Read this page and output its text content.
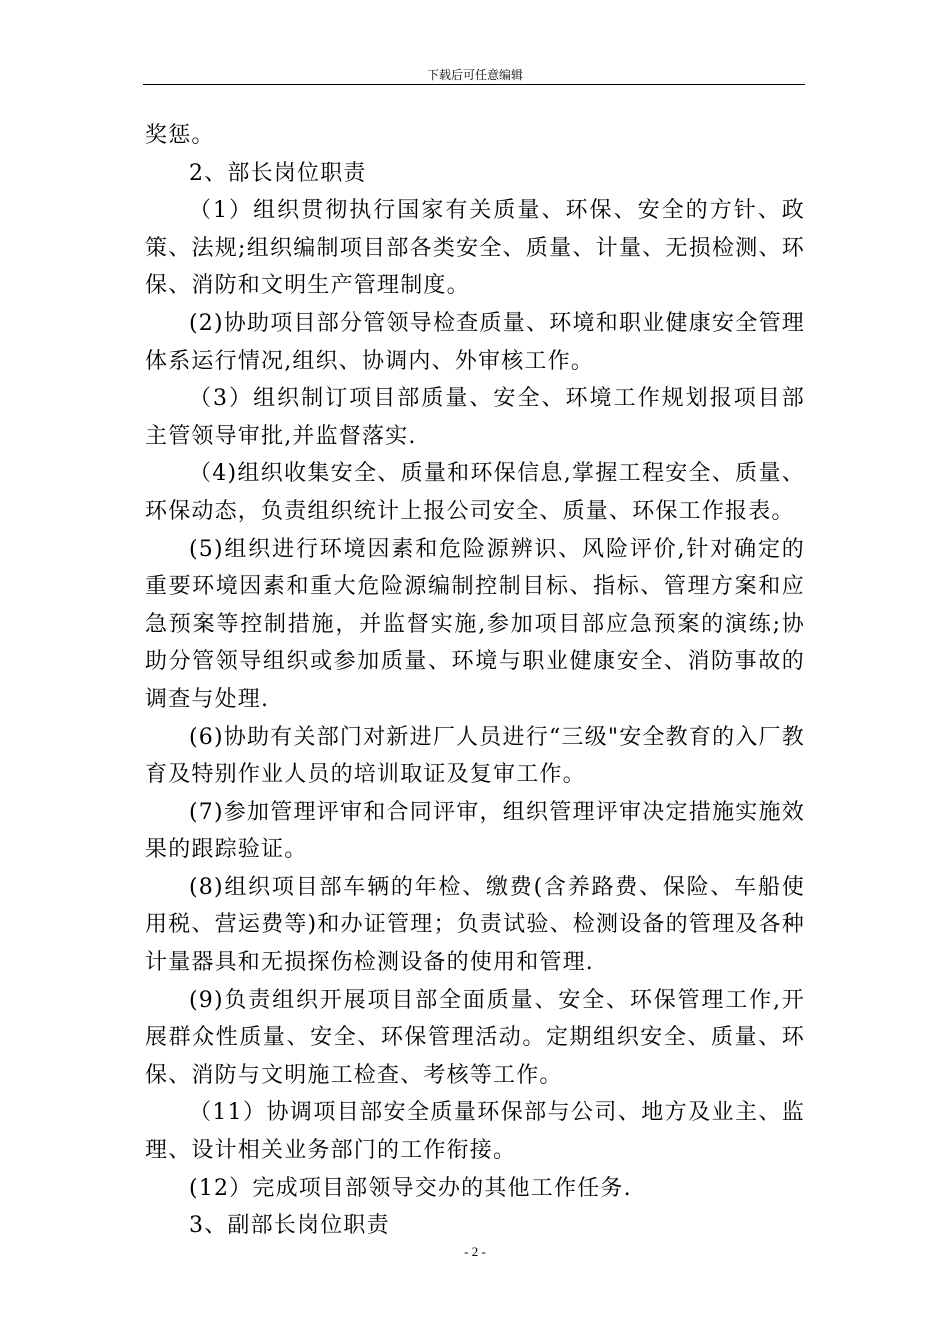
下载后可任意编辑

奖惩。

2、部长岗位职责

（1）组织贯彻执行国家有关质量、环保、安全的方针、政策、法规;组织编制项目部各类安全、质量、计量、无损检测、环保、消防和文明生产管理制度。

(2)协助项目部分管领导检查质量、环境和职业健康安全管理体系运行情况,组织、协调内、外审核工作。

（3）组织制订项目部质量、安全、环境工作规划报项目部主管领导审批,并监督落实.

（4)组织收集安全、质量和环保信息,掌握工程安全、质量、环保动态，负责组织统计上报公司安全、质量、环保工作报表。

(5)组织进行环境因素和危险源辨识、风险评价,针对确定的重要环境因素和重大危险源编制控制目标、指标、管理方案和应急预案等控制措施，并监督实施,参加项目部应急预案的演练;协助分管领导组织或参加质量、环境与职业健康安全、消防事故的调查与处理.

(6)协助有关部门对新进厂人员进行“三级"安全教育的入厂教育及特别作业人员的培训取证及复审工作。

(7)参加管理评审和合同评审，组织管理评审决定措施实施效果的跟踪验证。

(8)组织项目部车辆的年检、缴费(含养路费、保险、车船使用税、营运费等)和办证管理；负责试验、检测设备的管理及各种计量器具和无损探伤检测设备的使用和管理.

(9)负责组织开展项目部全面质量、安全、环保管理工作,开展群众性质量、安全、环保管理活动。定期组织安全、质量、环保、消防与文明施工检查、考核等工作。

（11）协调项目部安全质量环保部与公司、地方及业主、监理、设计相关业务部门的工作衔接。

(12）完成项目部领导交办的其他工作任务.

3、副部长岗位职责

- 2 -
